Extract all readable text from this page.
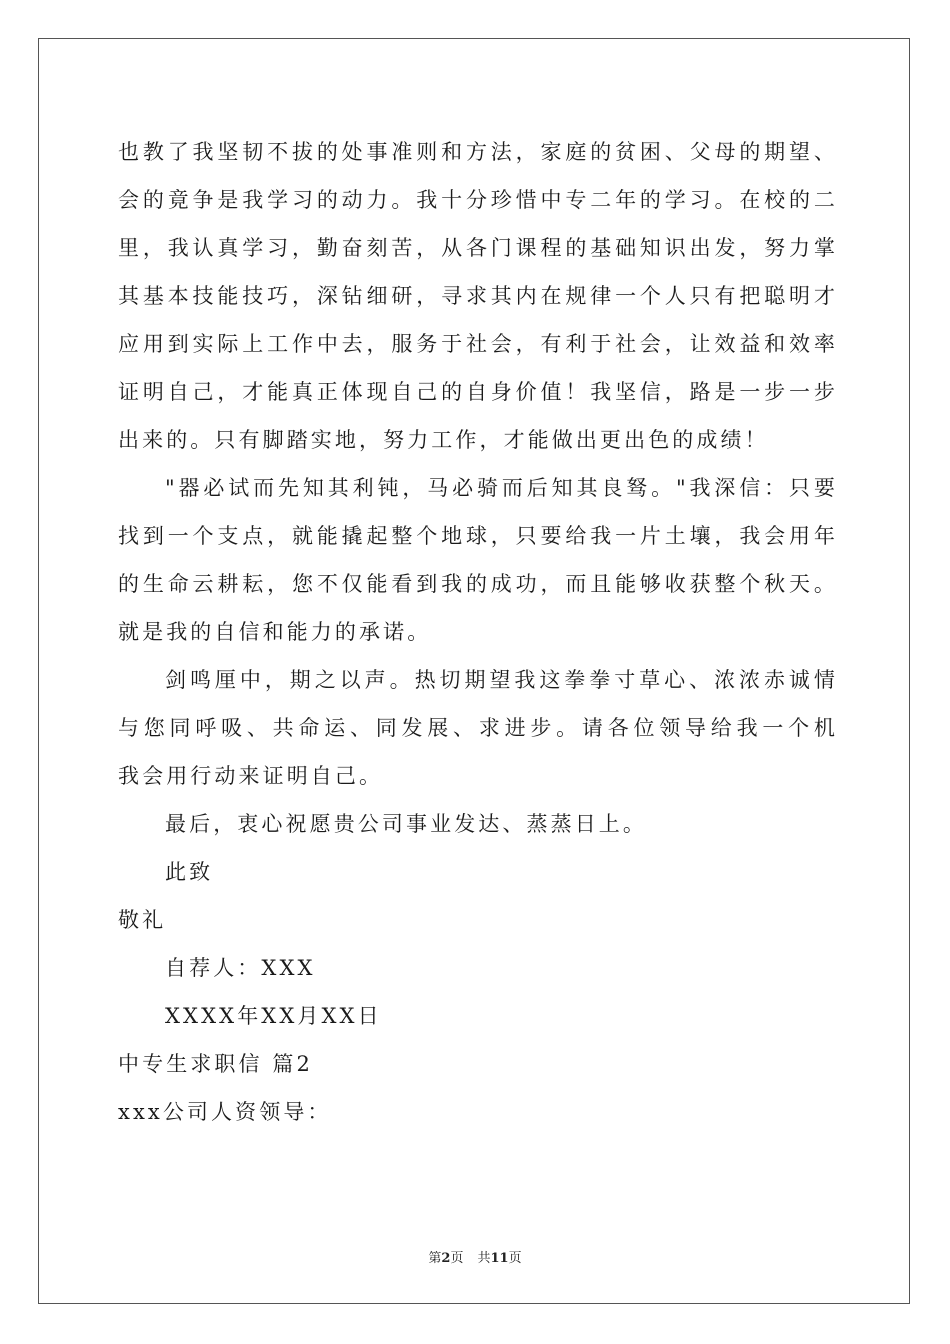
也教了我坚韧不拔的处事准则和方法，家庭的贫困、父母的期望、
会的竟争是我学习的动力。我十分珍惜中专二年的学习。在校的二
里，我认真学习，勤奋刻苦，从各门课程的基础知识出发，努力掌
其基本技能技巧，深钻细研，寻求其内在规律一个人只有把聪明才
应用到实际上工作中去，服务于社会，有利于社会，让效益和效率
证明自己，才能真正体现自己的自身价值！我坚信，路是一步一步
出来的。只有脚踏实地，努力工作，才能做出更出色的成绩！
"器必试而先知其利钝，马必骑而后知其良驽。"我深信：只要
找到一个支点，就能撬起整个地球，只要给我一片土壤，我会用年
的生命云耕耘，您不仅能看到我的成功，而且能够收获整个秋天。
就是我的自信和能力的承诺。
剑鸣厘中，期之以声。热切期望我这拳拳寸草心、浓浓赤诚情
与您同呼吸、共命运、同发展、求进步。请各位领导给我一个机
我会用行动来证明自己。
最后，衷心祝愿贵公司事业发达、蒸蒸日上。
此致
敬礼
自荐人：XXX
XXXX年XX月XX日
中专生求职信 篇2
xxx公司人资领导：
第2页 共11页
